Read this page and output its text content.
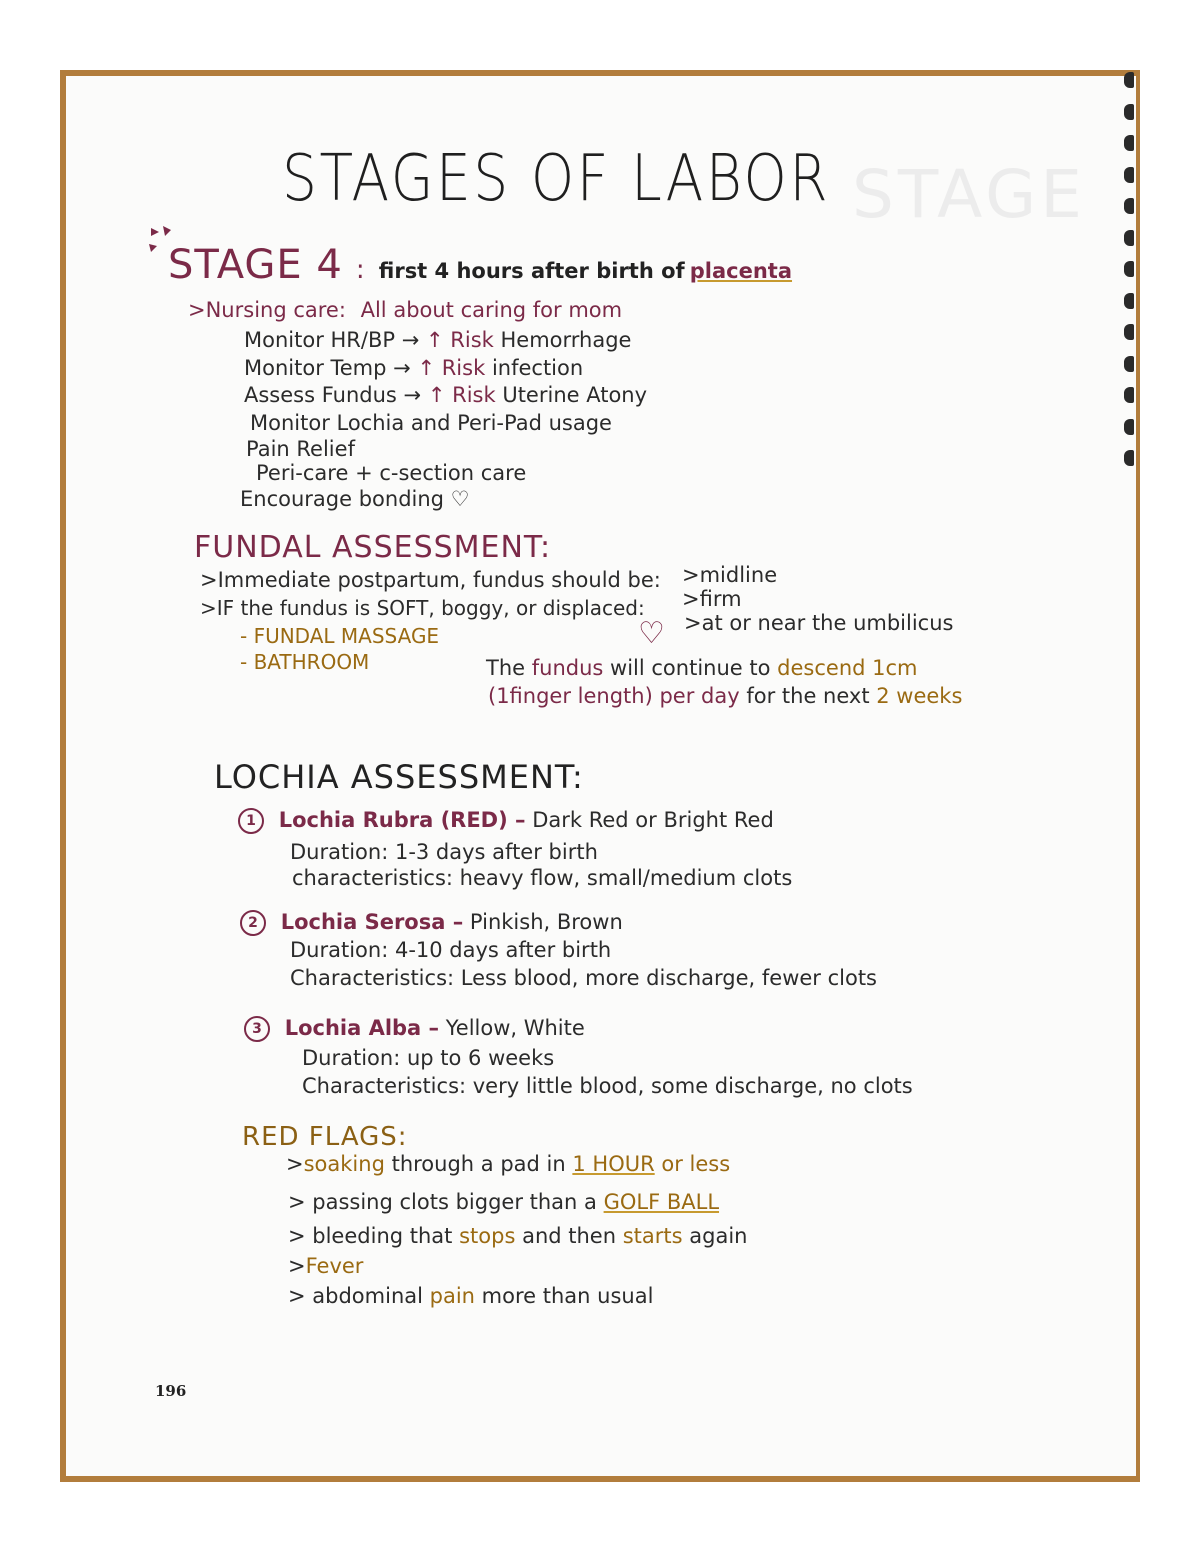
STAGE
STAGES OF LABOR
STAGE 4 : first 4 hours after birth of placenta
>Nursing care: All about caring for mom
Monitor HR/BP → ↑ Risk Hemorrhage
Monitor Temp → ↑ Risk infection
Assess Fundus → ↑ Risk Uterine Atony
Monitor Lochia and Peri-Pad usage
Pain Relief
Peri-care + c-section care
Encourage bonding ♡
FUNDAL ASSESSMENT:
>Immediate postpartum, fundus should be:
>IF the fundus is SOFT, boggy, or displaced:
- FUNDAL MASSAGE
- BATHROOM
>midline
>firm
>at or near the umbilicus
♡
The fundus will continue to descend 1cm
(1finger length) per day for the next 2 weeks
LOCHIA ASSESSMENT:
1 Lochia Rubra (RED) – Dark Red or Bright Red
Duration: 1-3 days after birth
characteristics: heavy flow, small/medium clots
2 Lochia Serosa – Pinkish, Brown
Duration: 4-10 days after birth
Characteristics: Less blood, more discharge, fewer clots
3 Lochia Alba – Yellow, White
Duration: up to 6 weeks
Characteristics: very little blood, some discharge, no clots
RED FLAGS:
>soaking through a pad in 1 HOUR or less
> passing clots bigger than a GOLF BALL
> bleeding that stops and then starts again
>Fever
> abdominal pain more than usual
196
